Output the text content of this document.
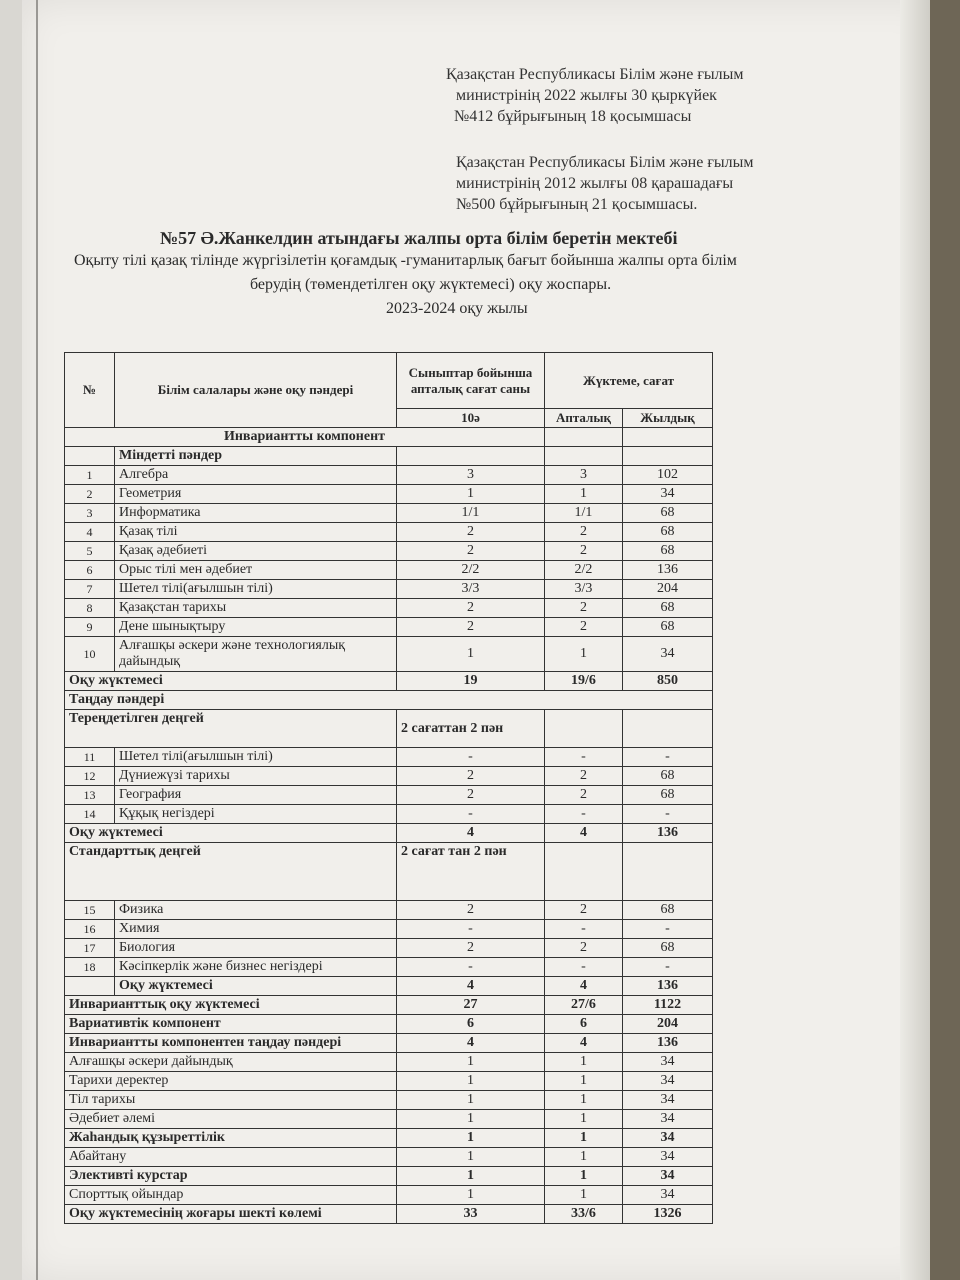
Қазақстан Республикасы Білім және ғылым
министрінің 2022 жылғы 30 қыркүйек
№412 бұйрығының 18 қосымшасы
Қазақстан Республикасы Білім және ғылым
министрінің 2012 жылғы 08 қарашадағы
№500 бұйрығының 21 қосымшасы.
№57 Ә.Жанкелдин атындағы жалпы орта білім беретін мектебі
Оқыту тілі қазақ тілінде жүргізілетін қоғамдық -гуманитарлық бағыт бойынша жалпы орта білім
берудің (төмендетілген оқу жүктемесі) оқу жоспары.
2023-2024 оқу жылы
№	Білім салалары және оқу пәндері	Сыныптар бойынша апталық сағат саны	Жүктеме, сағат	
		10ә	Апталық	Жылдық
Инвариантты компонент				
	Міндетті пәндер			
1	Алгебра	3	3	102
2	Геометрия	1	1	34
3	Информатика	1/1	1/1	68
4	Қазақ тілі	2	2	68
5	Қазақ әдебиеті	2	2	68
6	Орыс тілі мен әдебиет	2/2	2/2	136
7	Шетел тілі(ағылшын тілі)	3/3	3/3	204
8	Қазақстан тарихы	2	2	68
9	Дене шынықтыру	2	2	68
10	Алғашқы әскери және технологиялық дайындық	1	1	34
Оқу жүктемесі		19	19/6	850
Таңдау пәндері				
Тереңдетілген деңгей		2 сағаттан 2 пән		
11	Шетел тілі(ағылшын тілі)	-	-	-
12	Дүниежүзі тарихы	2	2	68
13	География	2	2	68
14	Құқық негіздері	-	-	-
Оқу жүктемесі		4	4	136
Стандарттық деңгей		2 сағат тан 2 пән		
15	Физика	2	2	68
16	Химия	-	-	-
17	Биология	2	2	68
18	Кәсіпкерлік және бизнес негіздері	-	-	-
	Оқу жүктемесі	4	4	136
Инварианттық оқу жүктемесі		27	27/6	1122
Вариативтік компонент		6	6	204
Инвариантты компонентен таңдау пәндері		4	4	136
Алғашқы әскери дайындық		1	1	34
Тарихи деректер		1	1	34
Тіл тарихы		1	1	34
Әдебиет әлемі		1	1	34
Жаһандық құзыреттілік		1	1	34
Абайтану		1	1	34
Элективті курстар		1	1	34
Спорттық ойындар		1	1	34
Оқу жүктемесінің жоғары шекті көлемі		33	33/6	1326
